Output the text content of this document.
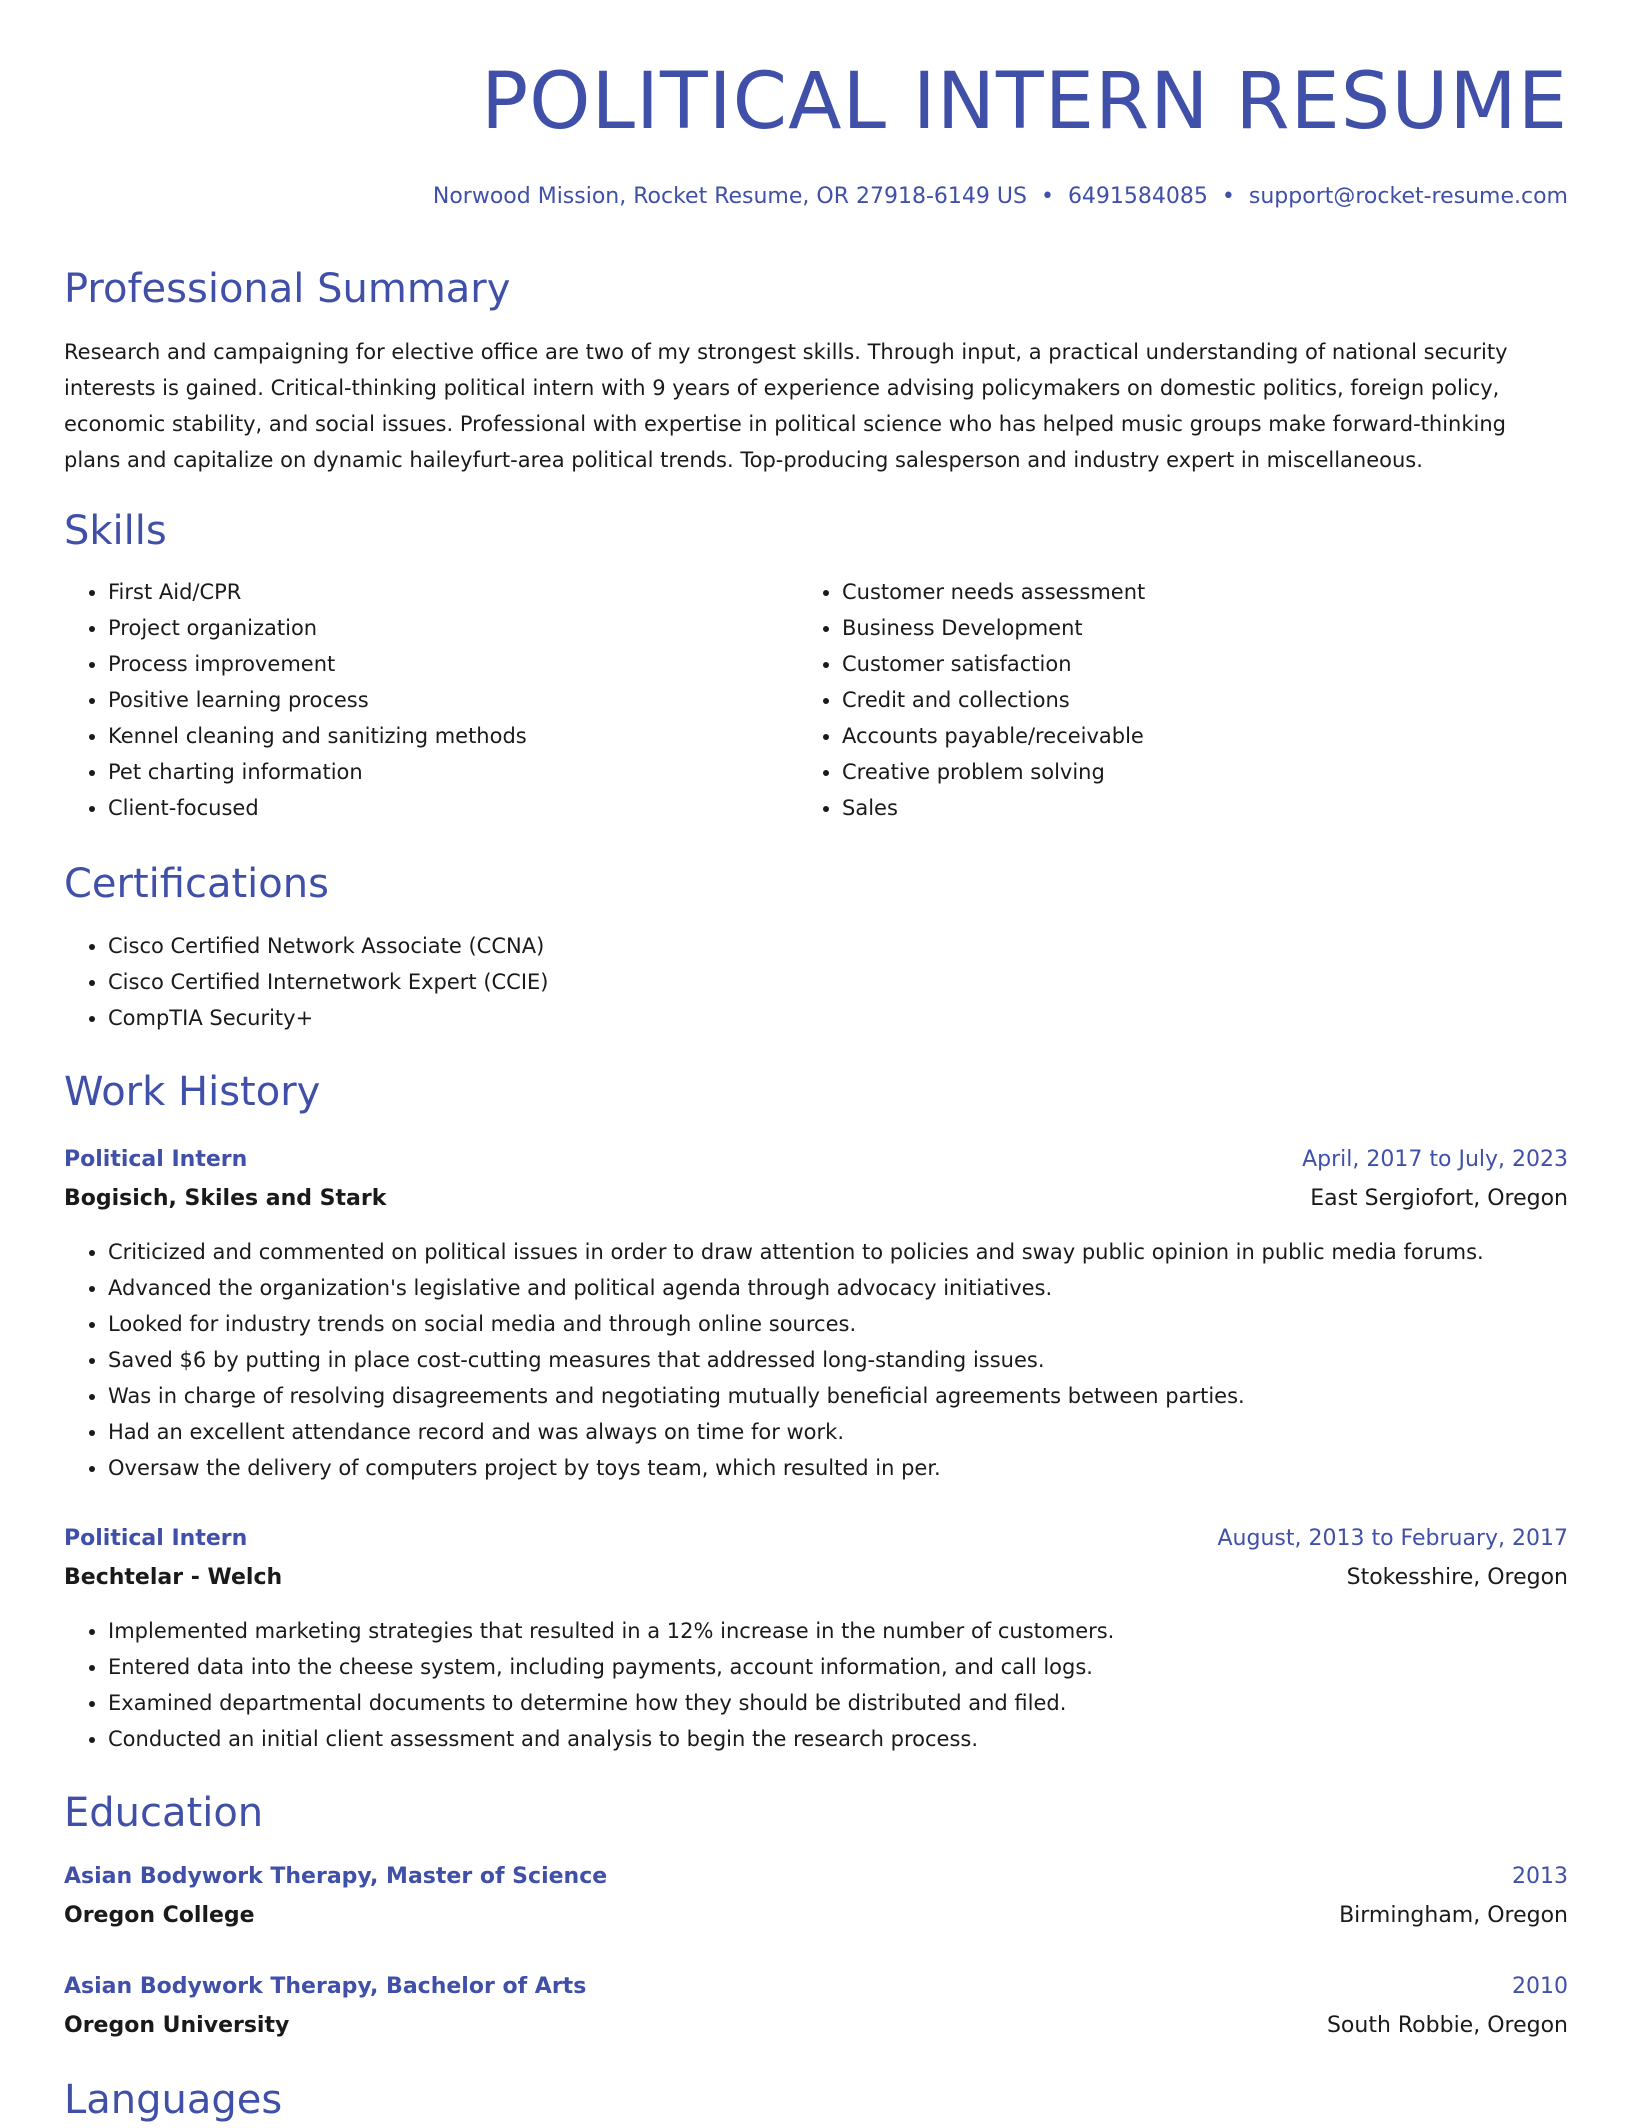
POLITICAL INTERN RESUME
Norwood Mission, Rocket Resume, OR 27918-6149 US • 6491584085 • support@rocket-resume.com
Professional Summary
Research and campaigning for elective office are two of my strongest skills. Through input, a practical understanding of national security interests is gained. Critical-thinking political intern with 9 years of experience advising policymakers on domestic politics, foreign policy, economic stability, and social issues. Professional with expertise in political science who has helped music groups make forward-thinking plans and capitalize on dynamic haileyfurt-area political trends. Top-producing salesperson and industry expert in miscellaneous.
Skills
• First Aid/CPR
• Project organization
• Process improvement
• Positive learning process
• Kennel cleaning and sanitizing methods
• Pet charting information
• Client-focused
• Customer needs assessment
• Business Development
• Customer satisfaction
• Credit and collections
• Accounts payable/receivable
• Creative problem solving
• Sales
Certifications
• Cisco Certified Network Associate (CCNA)
• Cisco Certified Internetwork Expert (CCIE)
• CompTIA Security+
Work History
Political Intern	April, 2017 to July, 2023
Bogisich, Skiles and Stark	East Sergiofort, Oregon
• Criticized and commented on political issues in order to draw attention to policies and sway public opinion in public media forums.
• Advanced the organization's legislative and political agenda through advocacy initiatives.
• Looked for industry trends on social media and through online sources.
• Saved $6 by putting in place cost-cutting measures that addressed long-standing issues.
• Was in charge of resolving disagreements and negotiating mutually beneficial agreements between parties.
• Had an excellent attendance record and was always on time for work.
• Oversaw the delivery of computers project by toys team, which resulted in per.
Political Intern	August, 2013 to February, 2017
Bechtelar - Welch	Stokesshire, Oregon
• Implemented marketing strategies that resulted in a 12% increase in the number of customers.
• Entered data into the cheese system, including payments, account information, and call logs.
• Examined departmental documents to determine how they should be distributed and filed.
• Conducted an initial client assessment and analysis to begin the research process.
Education
Asian Bodywork Therapy, Master of Science	2013
Oregon College	Birmingham, Oregon
Asian Bodywork Therapy, Bachelor of Arts	2010
Oregon University	South Robbie, Oregon
Languages
